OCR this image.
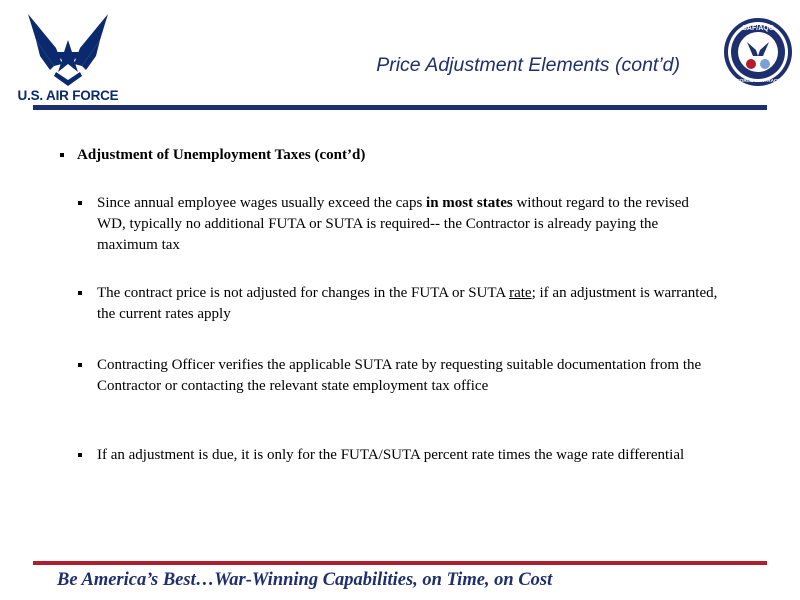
U.S. AIR FORCE
Price Adjustment Elements (cont’d)
SAF/AQC
AIR FORCE CONTRACTING
Adjustment of Unemployment Taxes (cont’d)
Since annual employee wages usually exceed the caps in most states without regard to the revised WD, typically no additional FUTA or SUTA is required-- the Contractor is already paying the maximum tax
The contract price is not adjusted for changes in the FUTA or SUTA rate; if an adjustment is warranted, the current rates apply
Contracting Officer verifies the applicable SUTA rate by requesting suitable documentation from the Contractor or contacting the relevant state employment tax office
If an adjustment is due, it is only for the FUTA/SUTA percent rate times the wage rate differential
Be America’s Best…War-Winning Capabilities, on Time, on Cost
